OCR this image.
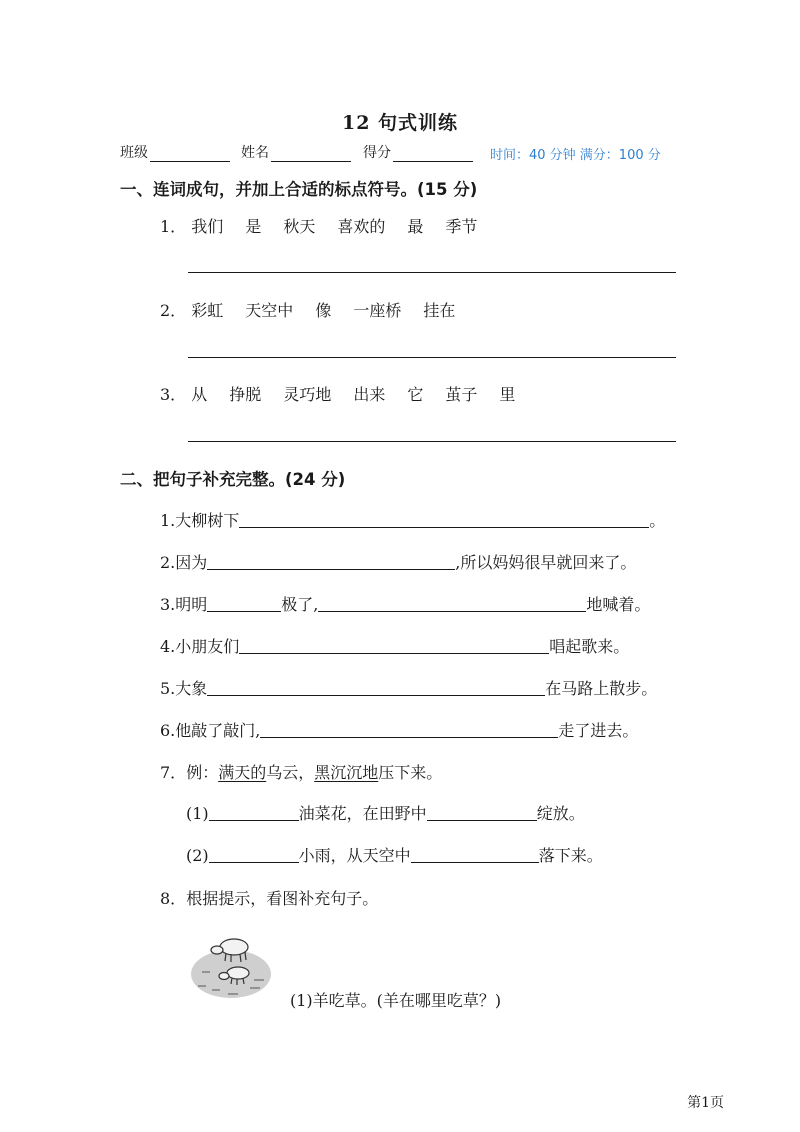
12 句式训练
班级	姓名	得分	时间：40 分钟 满分：100 分
一、连词成句，并加上合适的标点符号。(15 分)
1． 我们 是 秋天 喜欢的 最 季节
2． 彩虹 天空中 像 一座桥 挂在
3． 从 挣脱 灵巧地 出来 它 茧子 里
二、把句子补充完整。(24 分)
1.大柳树下	。
2.因为	,所以妈妈很早就回来了。
3.明明	极了,	地喊着。
4.小朋友们	唱起歌来。
5.大象	在马路上散步。
6.他敲了敲门,	走了进去。
7．例：满天的乌云，黑沉沉地压下来。
(1)	油菜花，在田野中	绽放。
(2)	小雨，从天空中	落下来。
8．根据提示，看图补充句子。
(1)羊吃草。(羊在哪里吃草？)
第1页
